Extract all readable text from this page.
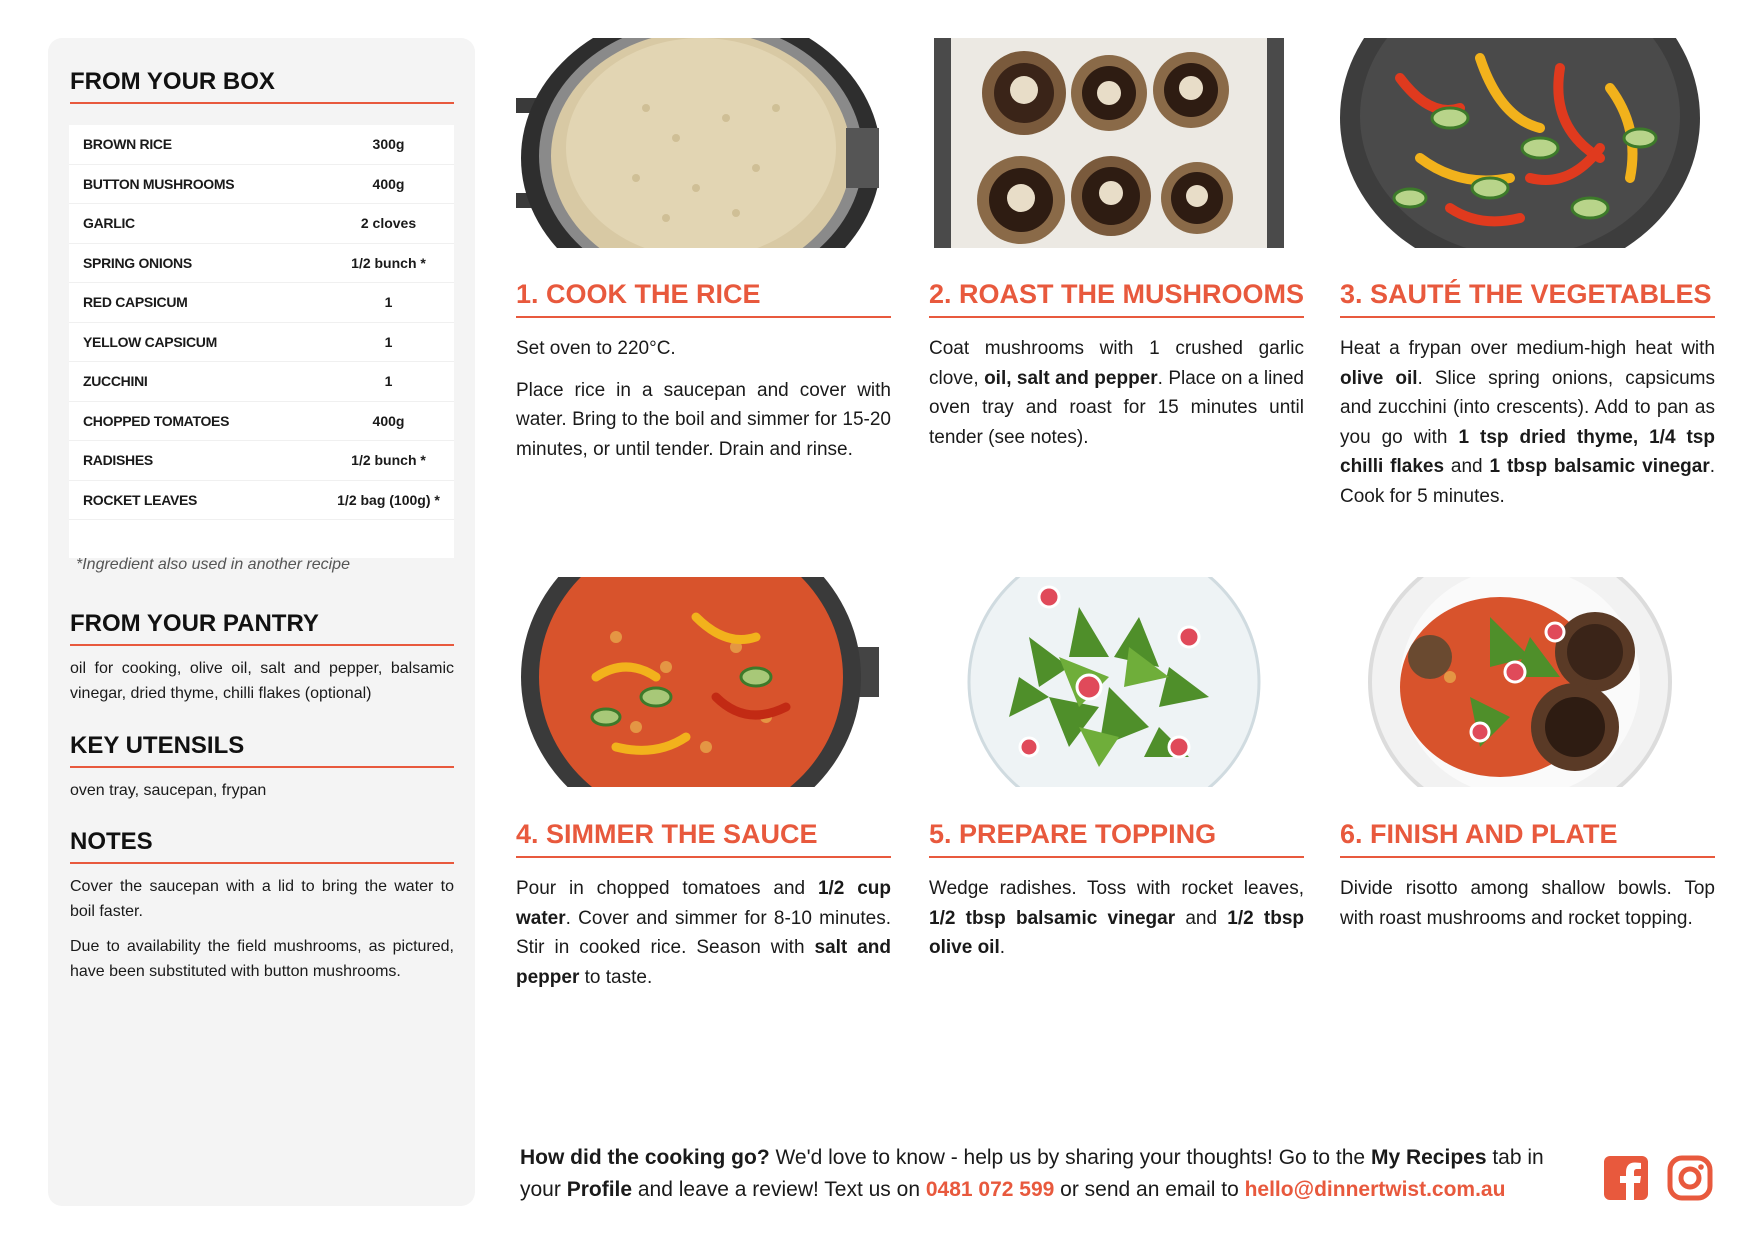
FROM YOUR BOX
BROWN RICE	300g
BUTTON MUSHROOMS	400g
GARLIC	2 cloves
SPRING ONIONS	1/2 bunch *
RED CAPSICUM	1
YELLOW CAPSICUM	1
ZUCCHINI	1
CHOPPED TOMATOES	400g
RADISHES	1/2 bunch *
ROCKET LEAVES	1/2 bag (100g) *
*Ingredient also used in another recipe
FROM YOUR PANTRY
oil for cooking, olive oil, salt and pepper, balsamic vinegar, dried thyme, chilli flakes (optional)
KEY UTENSILS
oven tray, saucepan, frypan
NOTES
Cover the saucepan with a lid to bring the water to boil faster.
Due to availability the field mushrooms, as pictured, have been substituted with button mushrooms.
1. COOK THE RICE

Set oven to 220°C.

Place rice in a saucepan and cover with water. Bring to the boil and simmer for 15-20 minutes, or until tender. Drain and rinse.

2. ROAST THE MUSHROOMS

Coat mushrooms with 1 crushed garlic clove, oil, salt and pepper. Place on a lined oven tray and roast for 15 minutes until tender (see notes).

3. SAUTÉ THE VEGETABLES

Heat a frypan over medium-high heat with olive oil. Slice spring onions, capsicums and zucchini (into crescents). Add to pan as you go with 1 tsp dried thyme, 1/4 tsp chilli flakes and 1 tbsp balsamic vinegar. Cook for 5 minutes.

4. SIMMER THE SAUCE

Pour in chopped tomatoes and 1/2 cup water. Cover and simmer for 8-10 minutes. Stir in cooked rice. Season with salt and pepper to taste.

5. PREPARE TOPPING

Wedge radishes. Toss with rocket leaves, 1/2 tbsp balsamic vinegar and 1/2 tbsp olive oil.

6. FINISH AND PLATE

Divide risotto among shallow bowls. Top with roast mushrooms and rocket topping.

How did the cooking go? We'd love to know - help us by sharing your thoughts! Go to the My Recipes tab in your Profile and leave a review! Text us on 0481 072 599 or send an email to hello@dinnertwist.com.au
